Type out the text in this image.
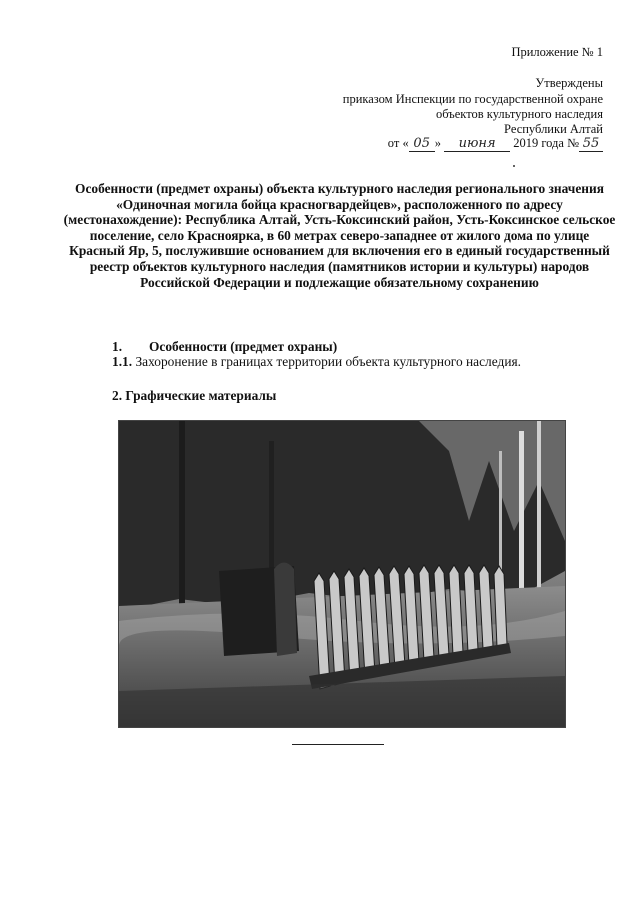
Приложение № 1
Утверждены
приказом Инспекции по государственной охране
объектов культурного наследия
Республики Алтай
от « 05 » июня 2019 года № 55
Особенности (предмет охраны) объекта культурного наследия регионального значения «Одиночная могила бойца красногвардейцев», расположенного по адресу (местонахождение): Республика Алтай, Усть-Коксинский район, Усть-Коксинское сельское поселение, село Красноярка, в 60 метрах северо-западнее от жилого дома по улице Красный Яр, 5, послужившие основанием для включения его в единый государственный реестр объектов культурного наследия (памятников истории и культуры) народов Российской Федерации и подлежащие обязательному сохранению
1. Особенности (предмет охраны)
1.1. Захоронение в границах территории объекта культурного наследия.
2. Графические материалы
